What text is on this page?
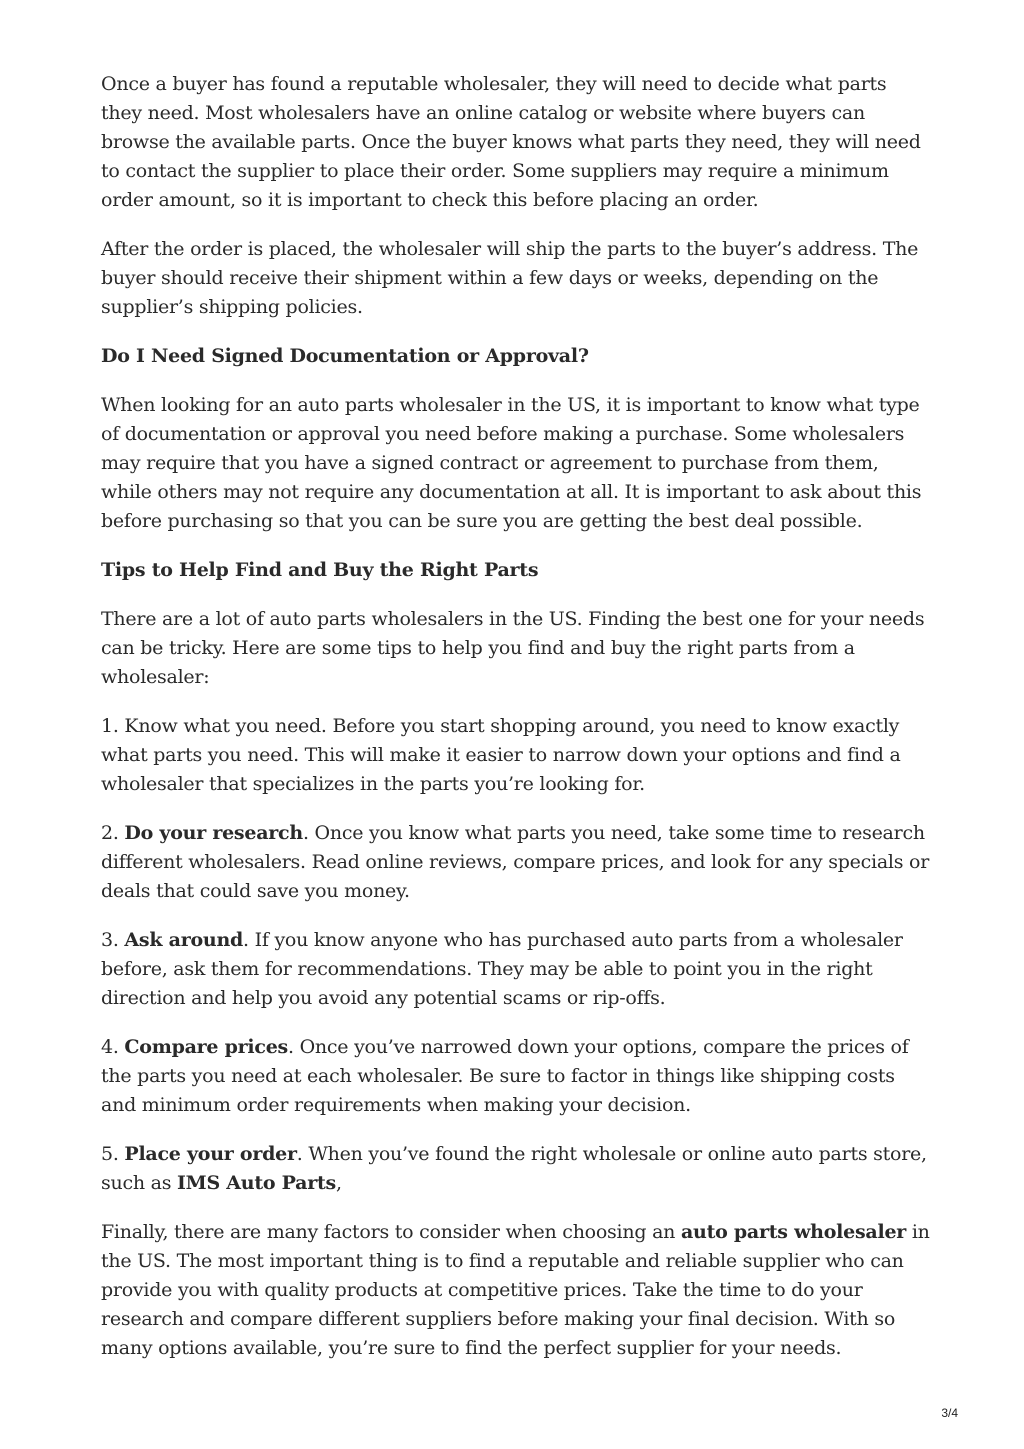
Once a buyer has found a reputable wholesaler, they will need to decide what parts they need. Most wholesalers have an online catalog or website where buyers can browse the available parts. Once the buyer knows what parts they need, they will need to contact the supplier to place their order. Some suppliers may require a minimum order amount, so it is important to check this before placing an order.

After the order is placed, the wholesaler will ship the parts to the buyer’s address. The buyer should receive their shipment within a few days or weeks, depending on the supplier’s shipping policies.

Do I Need Signed Documentation or Approval?

When looking for an auto parts wholesaler in the US, it is important to know what type of documentation or approval you need before making a purchase. Some wholesalers may require that you have a signed contract or agreement to purchase from them, while others may not require any documentation at all. It is important to ask about this before purchasing so that you can be sure you are getting the best deal possible.

Tips to Help Find and Buy the Right Parts

There are a lot of auto parts wholesalers in the US. Finding the best one for your needs can be tricky. Here are some tips to help you find and buy the right parts from a wholesaler:

1. Know what you need. Before you start shopping around, you need to know exactly what parts you need. This will make it easier to narrow down your options and find a wholesaler that specializes in the parts you’re looking for.

2. Do your research. Once you know what parts you need, take some time to research different wholesalers. Read online reviews, compare prices, and look for any specials or deals that could save you money.

3. Ask around. If you know anyone who has purchased auto parts from a wholesaler before, ask them for recommendations. They may be able to point you in the right direction and help you avoid any potential scams or rip-offs.

4. Compare prices. Once you’ve narrowed down your options, compare the prices of the parts you need at each wholesaler. Be sure to factor in things like shipping costs and minimum order requirements when making your decision.

5. Place your order. When you’ve found the right wholesale or online auto parts store, such as IMS Auto Parts,

Finally, there are many factors to consider when choosing an auto parts wholesaler in the US. The most important thing is to find a reputable and reliable supplier who can provide you with quality products at competitive prices. Take the time to do your research and compare different suppliers before making your final decision. With so many options available, you’re sure to find the perfect supplier for your needs.

3/4
